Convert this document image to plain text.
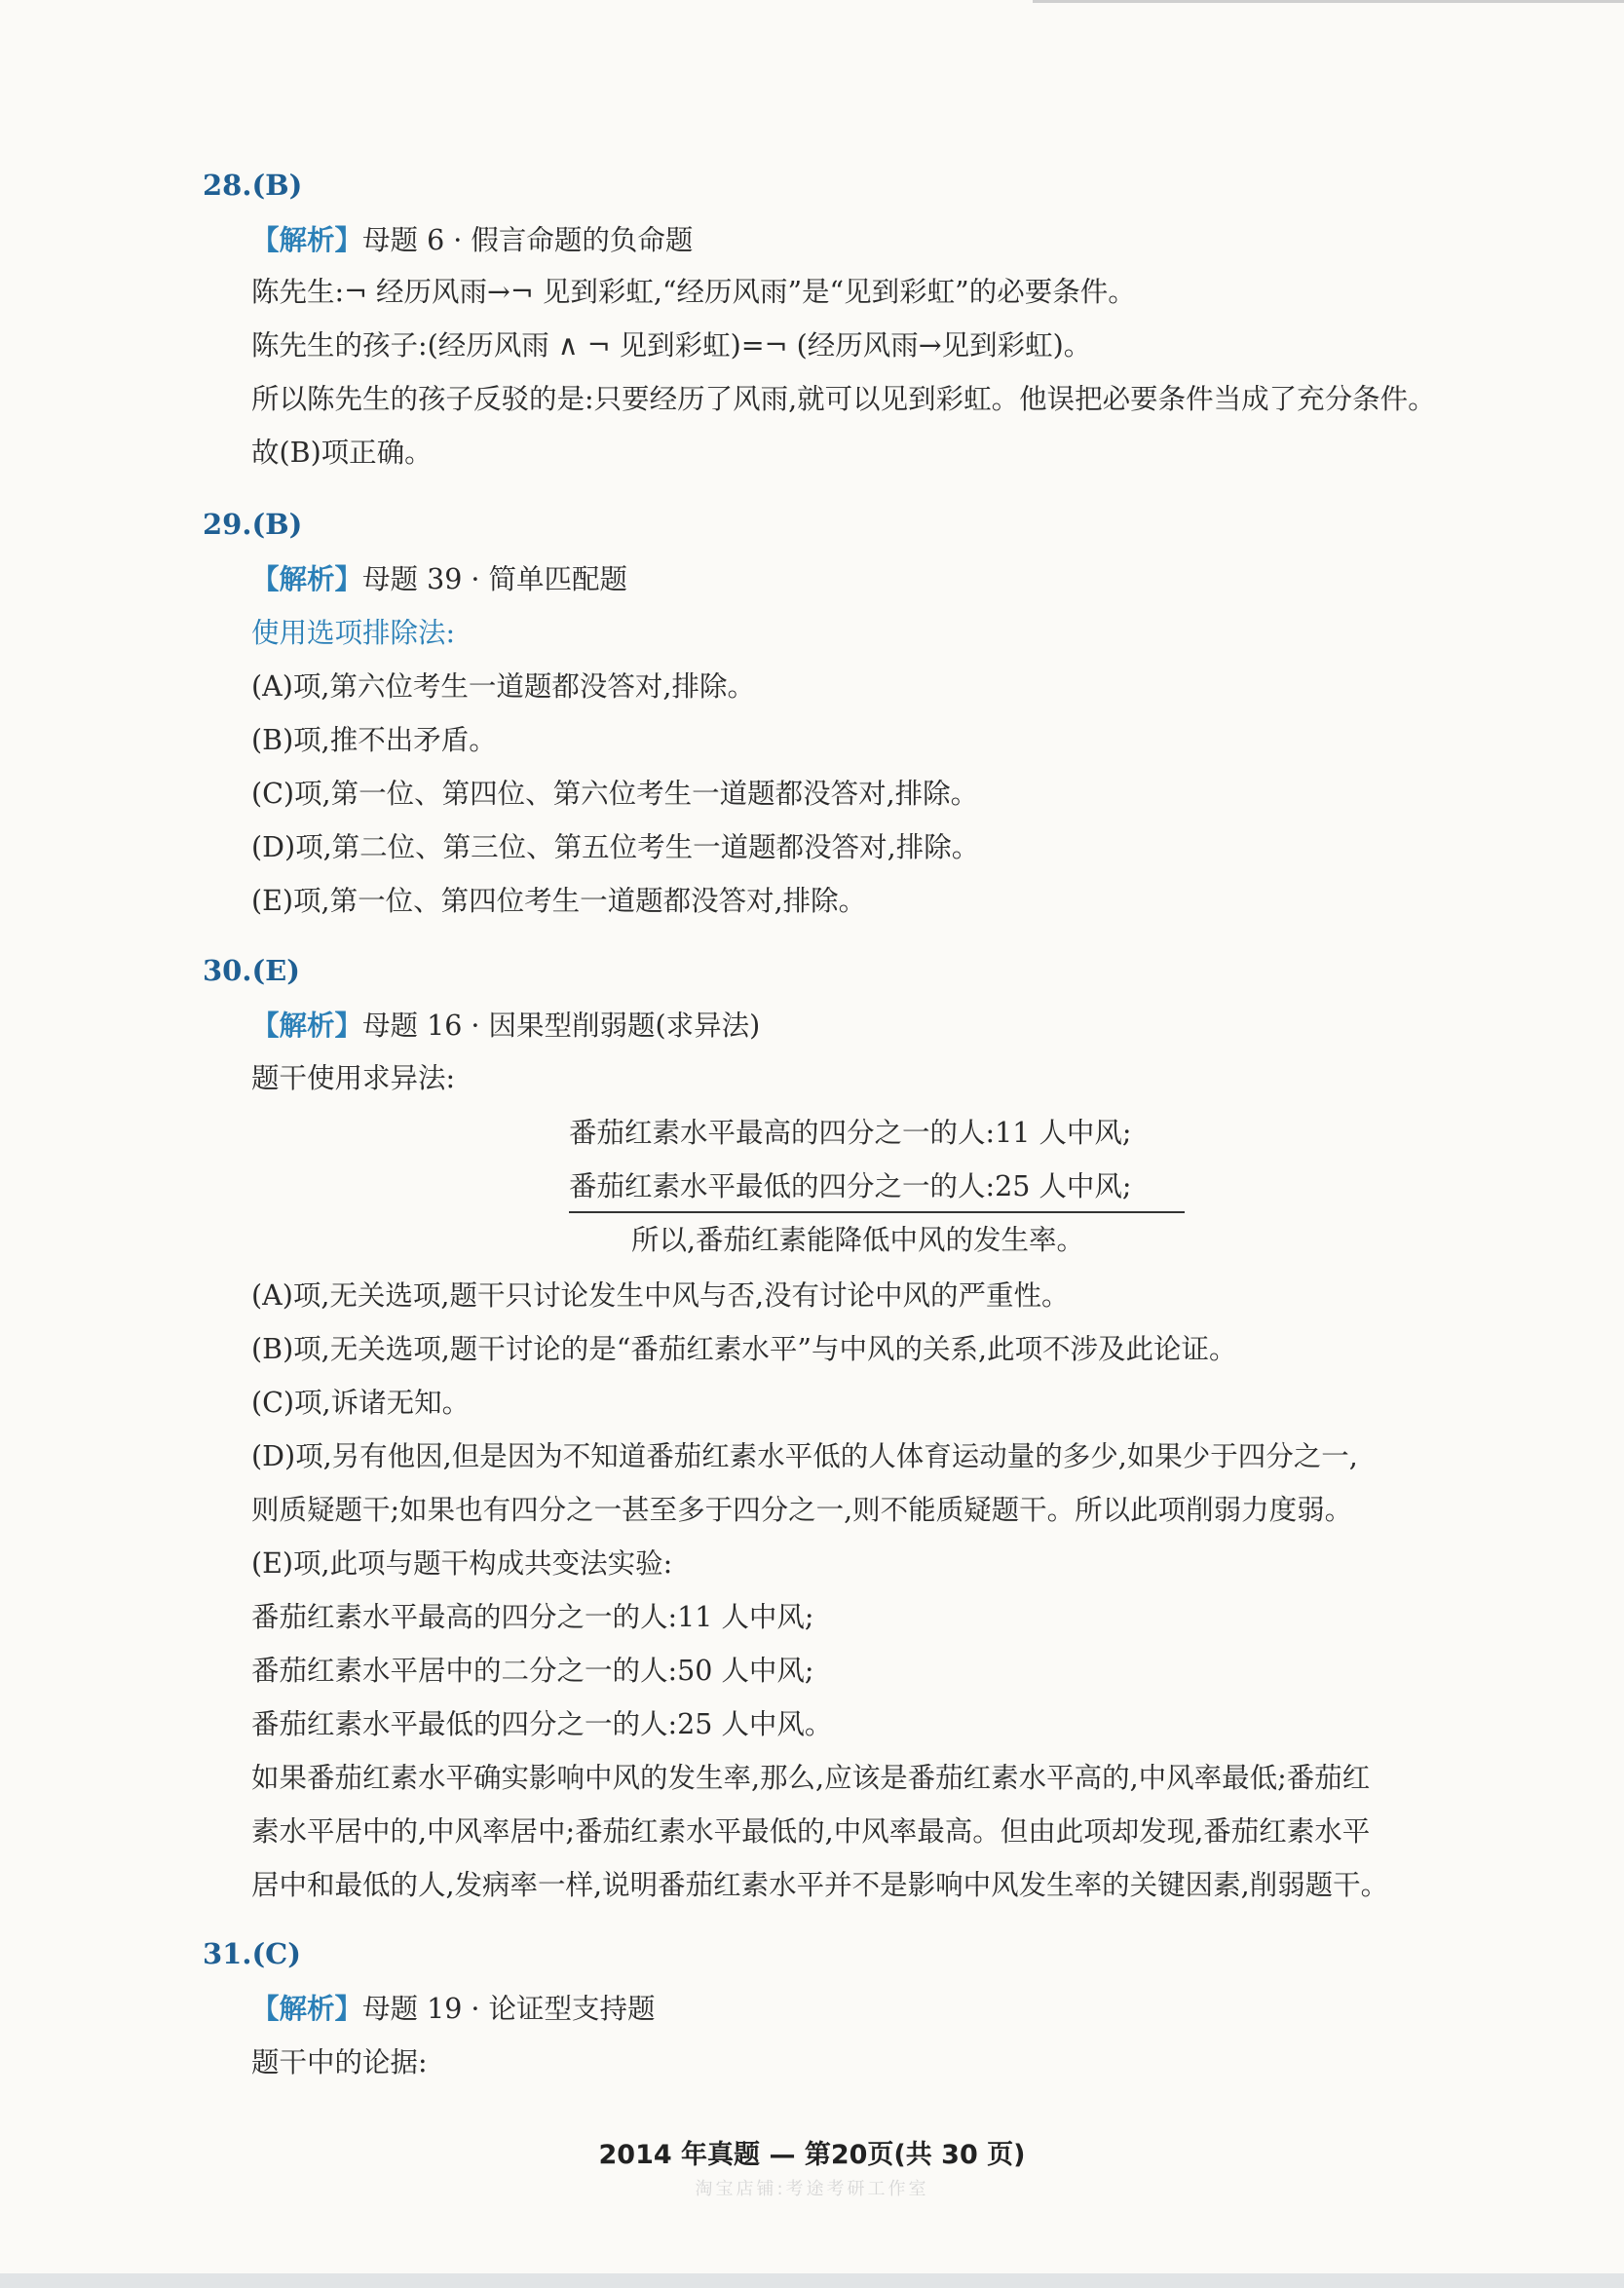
28.(B)
【解析】母题 6 · 假言命题的负命题
陈先生:¬ 经历风雨→¬ 见到彩虹,“经历风雨”是“见到彩虹”的必要条件。
陈先生的孩子:(经历风雨 ∧ ¬ 见到彩虹)=¬ (经历风雨→见到彩虹)。
所以陈先生的孩子反驳的是:只要经历了风雨,就可以见到彩虹。他误把必要条件当成了充分条件。
故(B)项正确。
29.(B)
【解析】母题 39 · 简单匹配题
使用选项排除法:
(A)项,第六位考生一道题都没答对,排除。
(B)项,推不出矛盾。
(C)项,第一位、第四位、第六位考生一道题都没答对,排除。
(D)项,第二位、第三位、第五位考生一道题都没答对,排除。
(E)项,第一位、第四位考生一道题都没答对,排除。
30.(E)
【解析】母题 16 · 因果型削弱题(求异法)
题干使用求异法:
番茄红素水平最高的四分之一的人:11 人中风;
番茄红素水平最低的四分之一的人:25 人中风;
所以,番茄红素能降低中风的发生率。
(A)项,无关选项,题干只讨论发生中风与否,没有讨论中风的严重性。
(B)项,无关选项,题干讨论的是“番茄红素水平”与中风的关系,此项不涉及此论证。
(C)项,诉诸无知。
(D)项,另有他因,但是因为不知道番茄红素水平低的人体育运动量的多少,如果少于四分之一,
则质疑题干;如果也有四分之一甚至多于四分之一,则不能质疑题干。所以此项削弱力度弱。
(E)项,此项与题干构成共变法实验:
番茄红素水平最高的四分之一的人:11 人中风;
番茄红素水平居中的二分之一的人:50 人中风;
番茄红素水平最低的四分之一的人:25 人中风。
如果番茄红素水平确实影响中风的发生率,那么,应该是番茄红素水平高的,中风率最低;番茄红
素水平居中的,中风率居中;番茄红素水平最低的,中风率最高。但由此项却发现,番茄红素水平
居中和最低的人,发病率一样,说明番茄红素水平并不是影响中风发生率的关键因素,削弱题干。
31.(C)
【解析】母题 19 · 论证型支持题
题干中的论据:
2014 年真题 — 第20页(共 30 页)
淘宝店铺:考途考研工作室
